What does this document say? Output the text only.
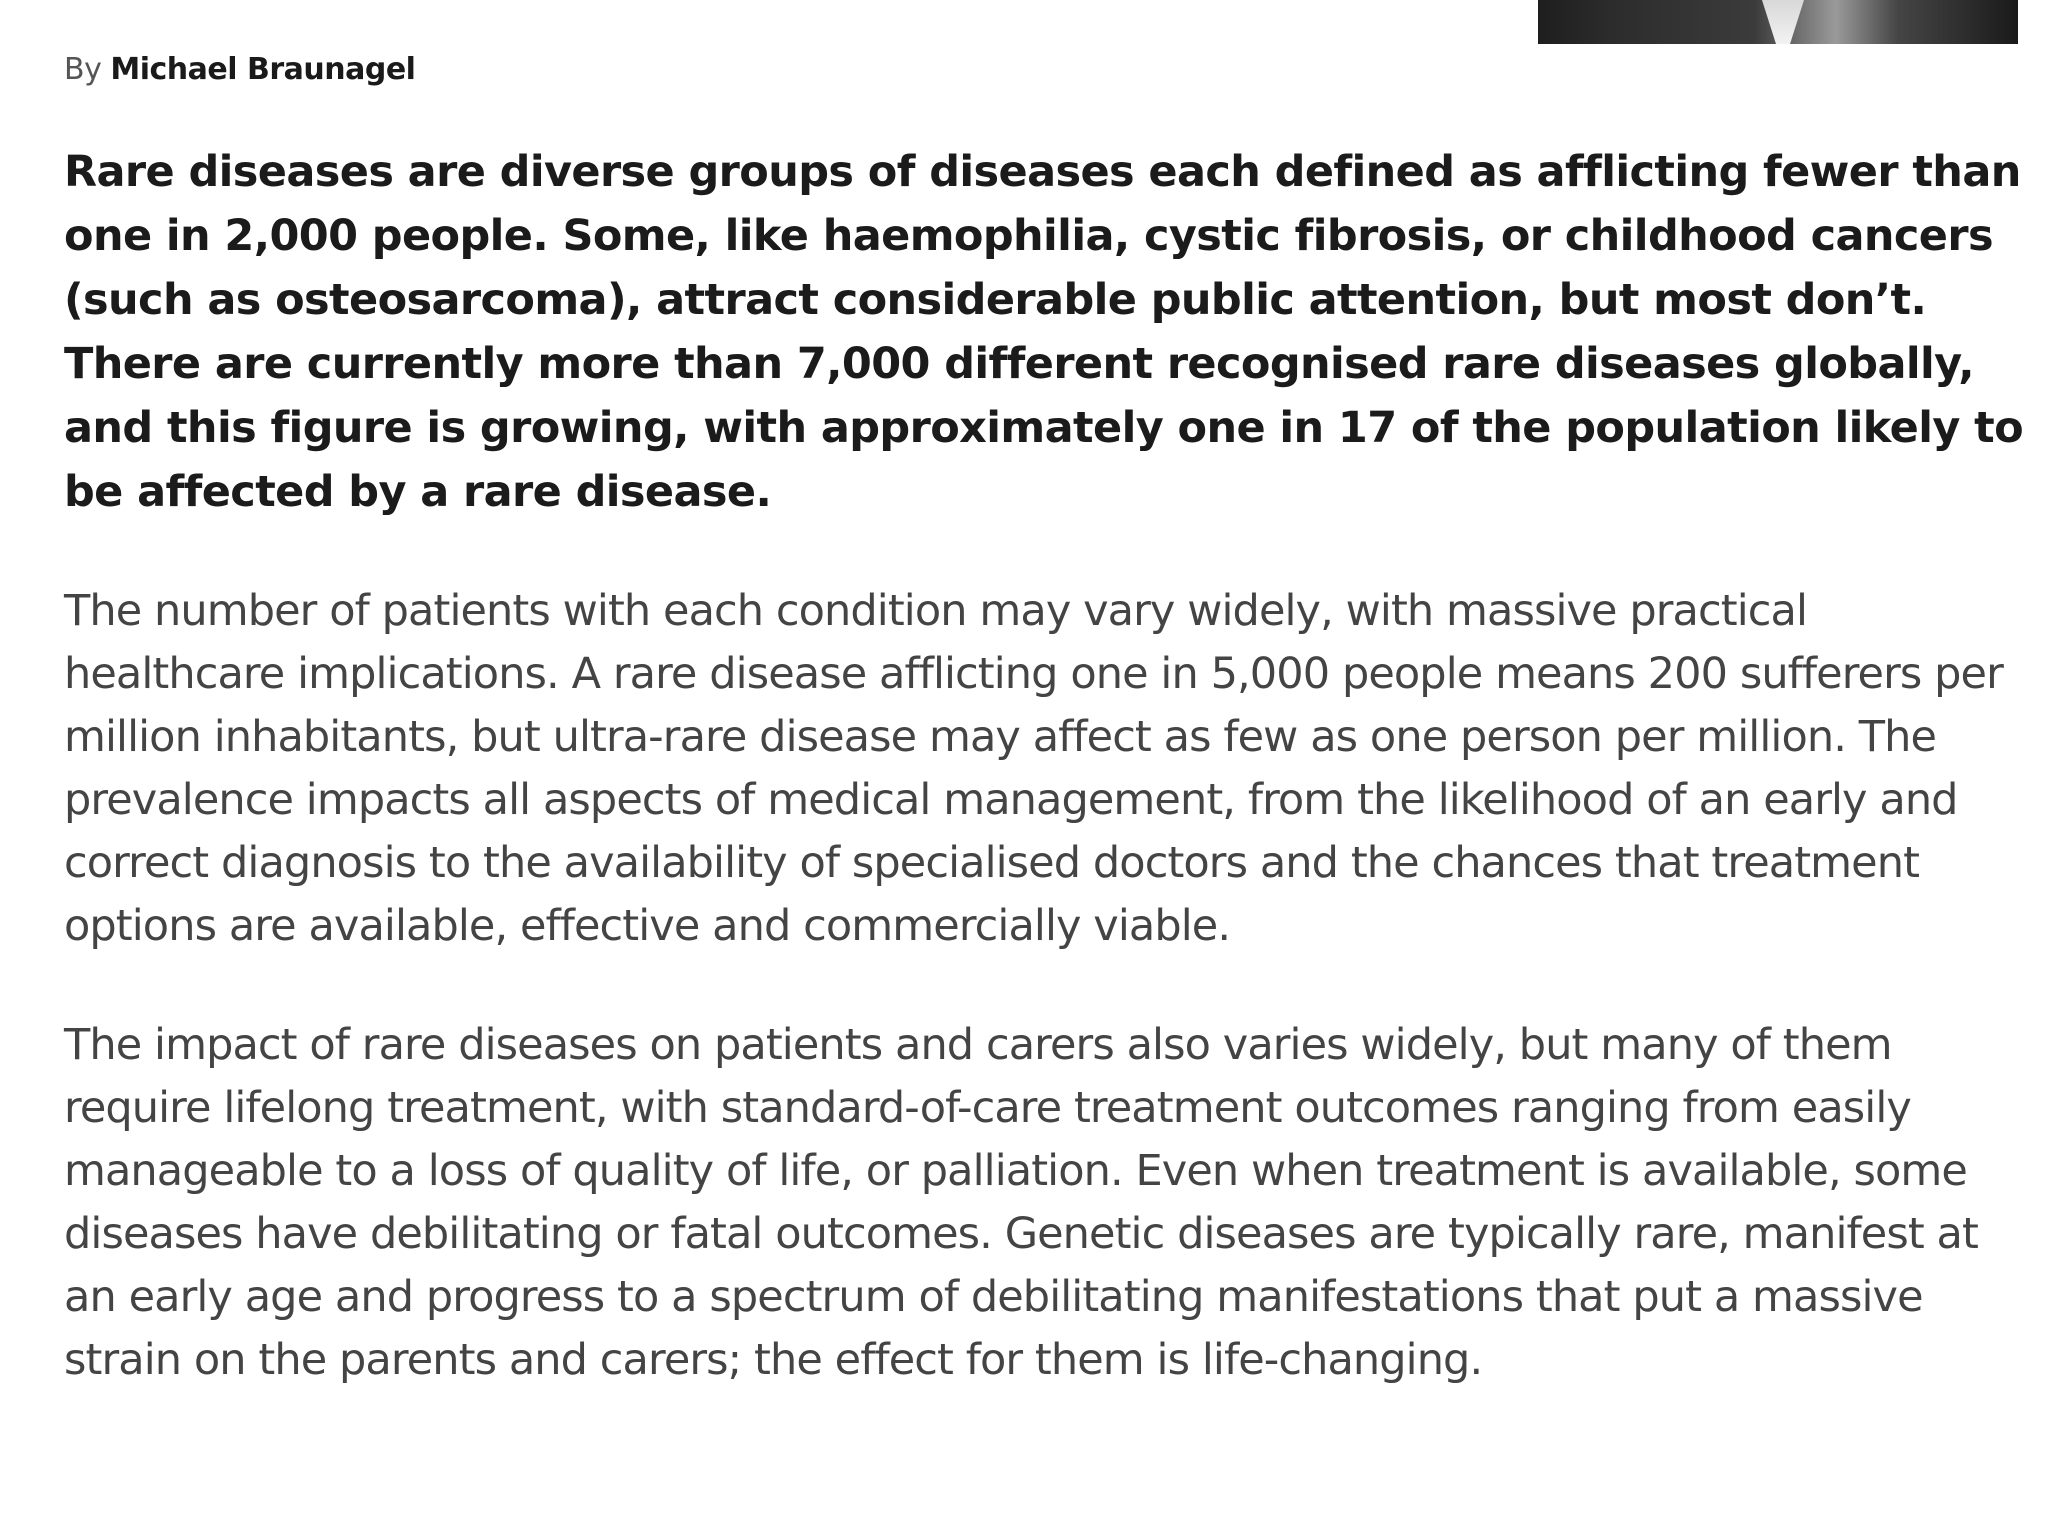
By Michael Braunagel

Rare diseases are diverse groups of diseases each defined as afflicting fewer than one in 2,000 people. Some, like haemophilia, cystic fibrosis, or childhood cancers (such as osteosarcoma), attract considerable public attention, but most don’t. There are currently more than 7,000 different recognised rare diseases globally, and this figure is growing, with approximately one in 17 of the population likely to be affected by a rare disease.

The number of patients with each condition may vary widely, with massive practical healthcare implications. A rare disease afflicting one in 5,000 people means 200 sufferers per million inhabitants, but ultra-rare disease may affect as few as one person per million. The prevalence impacts all aspects of medical management, from the likelihood of an early and correct diagnosis to the availability of specialised doctors and the chances that treatment options are available, effective and commercially viable.

The impact of rare diseases on patients and carers also varies widely, but many of them require lifelong treatment, with standard-of-care treatment outcomes ranging from easily manageable to a loss of quality of life, or palliation. Even when treatment is available, some diseases have debilitating or fatal outcomes. Genetic diseases are typically rare, manifest at an early age and progress to a spectrum of debilitating manifestations that put a massive strain on the parents and carers; the effect for them is life-changing.
